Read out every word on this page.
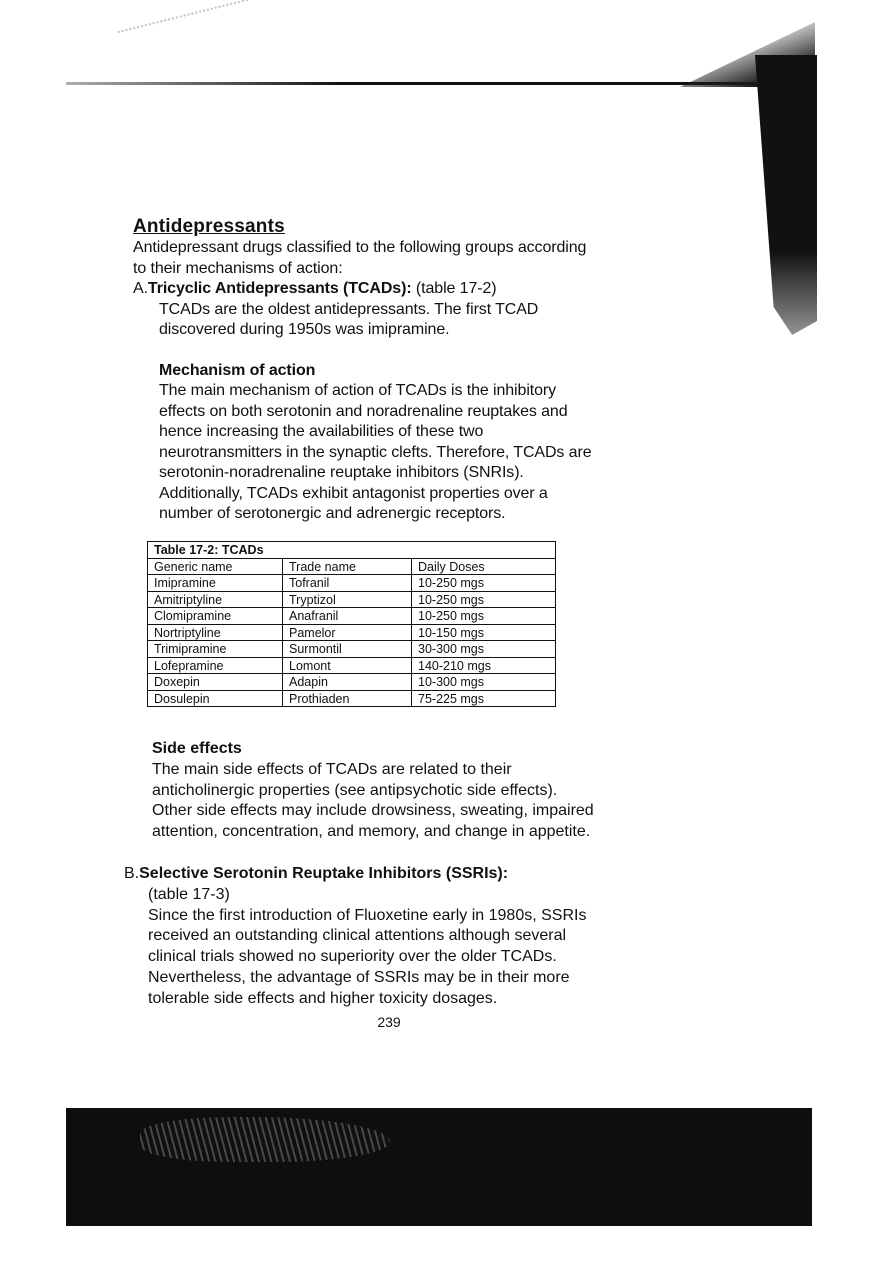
Antidepressants

Antidepressant drugs classified to the following groups according

to their mechanisms of action:

A.Tricyclic Antidepressants (TCADs): (table 17-2)

TCADs are the oldest antidepressants. The first TCAD

discovered during 1950s was imipramine.

Mechanism of action

The main mechanism of action of TCADs is the inhibitory

effects on both serotonin and noradrenaline reuptakes and

hence increasing the availabilities of these two

neurotransmitters in the synaptic clefts. Therefore, TCADs are

serotonin-noradrenaline reuptake inhibitors (SNRIs).

Additionally, TCADs exhibit antagonist properties over a

number of serotonergic and adrenergic receptors.

Table 17-2: TCADs		
Generic name	Trade name	Daily Doses
Imipramine	Tofranil	10-250 mgs
Amitriptyline	Tryptizol	10-250 mgs
Clomipramine	Anafranil	10-250 mgs
Nortriptyline	Pamelor	10-150 mgs
Trimipramine	Surmontil	30-300 mgs
Lofepramine	Lomont	140-210 mgs
Doxepin	Adapin	10-300 mgs
Dosulepin	Prothiaden	75-225 mgs

Side effects

The main side effects of TCADs are related to their

anticholinergic properties (see antipsychotic side effects).

Other side effects may include drowsiness, sweating, impaired

attention, concentration, and memory, and change in appetite.

B.Selective Serotonin Reuptake Inhibitors (SSRIs):

(table 17-3)

Since the first introduction of Fluoxetine early in 1980s, SSRIs

received an outstanding clinical attentions although several

clinical trials showed no superiority over the older TCADs.

Nevertheless, the advantage of SSRIs may be in their more

tolerable side effects and higher toxicity dosages.

239
